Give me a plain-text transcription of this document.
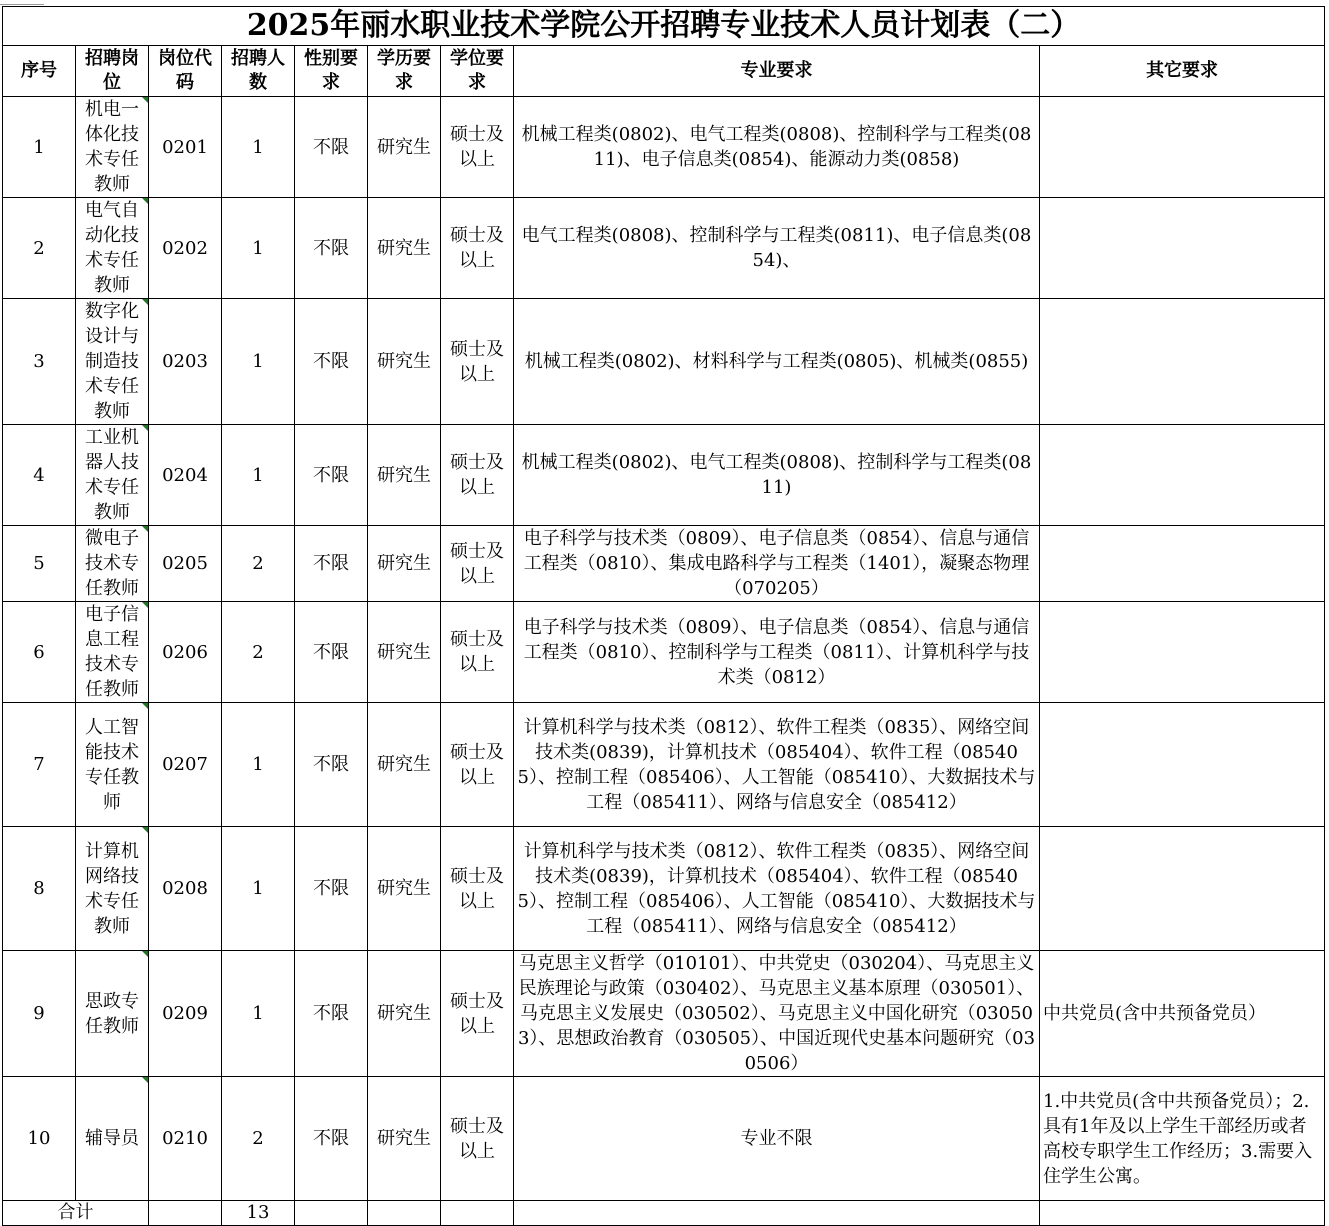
2025年丽水职业技术学院公开招聘专业技术人员计划表（二）								
序号	招聘岗位	岗位代码	招聘人数	性别要求	学历要求	学位要求	专业要求	其它要求
1	机电一体化技术专任教师	0201	1	不限	研究生	硕士及以上	机械工程类(0802)、电气工程类(0808)、控制科学与工程类(0811)、电子信息类(0854)、能源动力类(0858)	
2	电气自动化技术专任教师	0202	1	不限	研究生	硕士及以上	电气工程类(0808)、控制科学与工程类(0811)、电子信息类(0854)、	
3	数字化设计与制造技术专任教师	0203	1	不限	研究生	硕士及以上	机械工程类(0802)、材料科学与工程类(0805)、机械类(0855)	
4	工业机器人技术专任教师	0204	1	不限	研究生	硕士及以上	机械工程类(0802)、电气工程类(0808)、控制科学与工程类(0811)	
5	微电子技术专任教师	0205	2	不限	研究生	硕士及以上	电子科学与技术类（0809）、电子信息类（0854）、信息与通信工程类（0810）、集成电路科学与工程类（1401），凝聚态物理（070205）	
6	电子信息工程技术专任教师	0206	2	不限	研究生	硕士及以上	电子科学与技术类（0809）、电子信息类（0854）、信息与通信工程类（0810）、控制科学与工程类（0811）、计算机科学与技术类（0812）	
7	人工智能技术专任教师	0207	1	不限	研究生	硕士及以上	计算机科学与技术类（0812）、软件工程类（0835）、网络空间技术类(0839)，计算机技术（085404）、软件工程（085405）、控制工程（085406）、人工智能（085410）、大数据技术与工程（085411）、网络与信息安全（085412）	
8	计算机网络技术专任教师	0208	1	不限	研究生	硕士及以上	计算机科学与技术类（0812）、软件工程类（0835）、网络空间技术类(0839)，计算机技术（085404）、软件工程（085405）、控制工程（085406）、人工智能（085410）、大数据技术与工程（085411）、网络与信息安全（085412）	
9	思政专任教师	0209	1	不限	研究生	硕士及以上	马克思主义哲学（010101）、中共党史（030204）、马克思主义民族理论与政策（030402）、马克思主义基本原理（030501）、马克思主义发展史（030502）、马克思主义中国化研究（030503）、思想政治教育（030505）、中国近现代史基本问题研究（030506）	中共党员(含中共预备党员）
10	辅导员	0210	2	不限	研究生	硕士及以上	专业不限	1.中共党员(含中共预备党员）；2.具有1年及以上学生干部经历或者高校专职学生工作经历；3.需要入住学生公寓。
合计			13					
